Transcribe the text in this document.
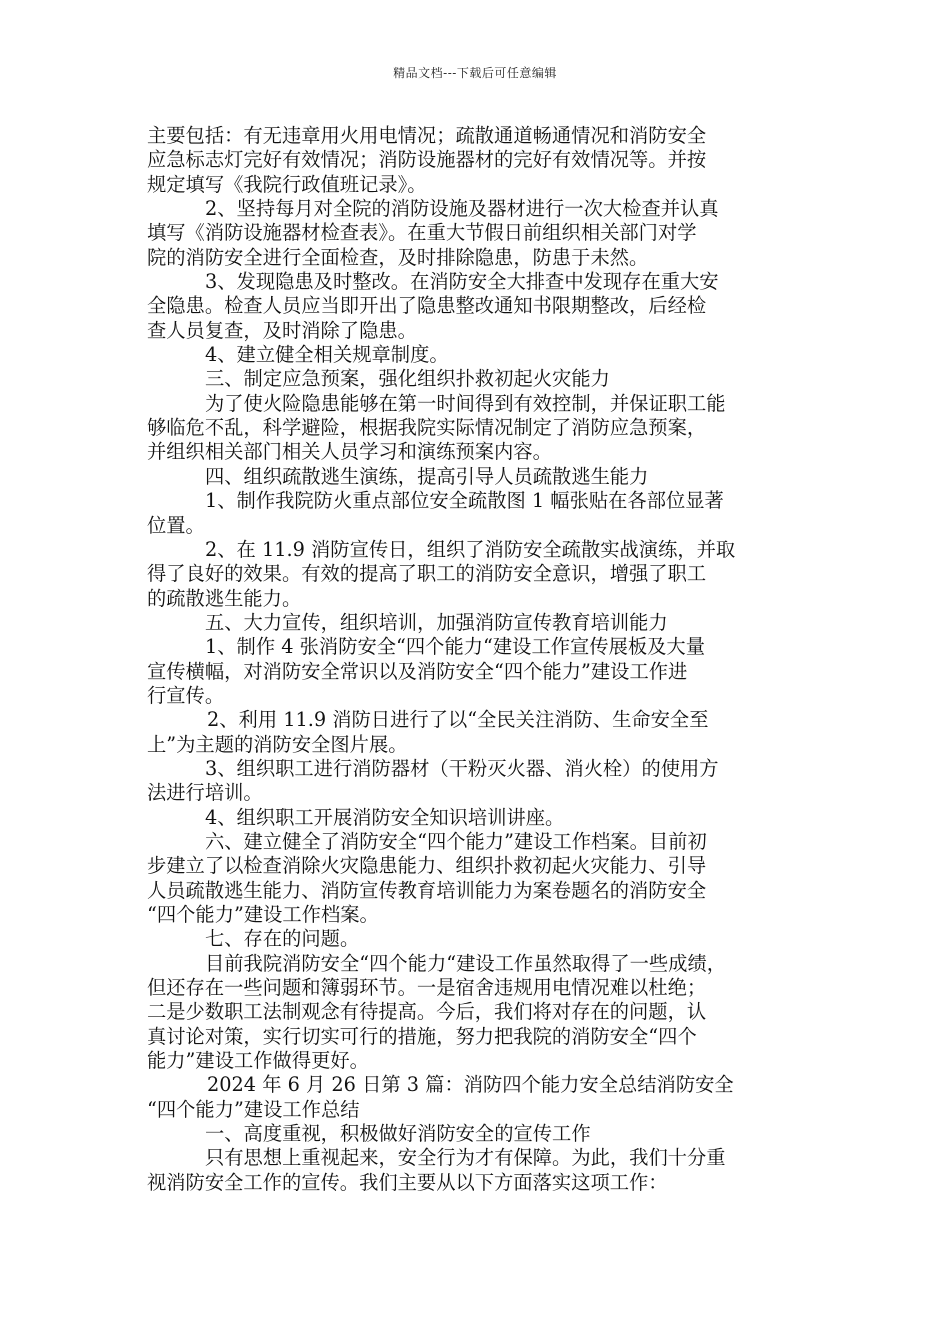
精品文档---下载后可任意编辑
主要包括：有无违章用火用电情况；疏散通道畅通情况和消防安全
应急标志灯完好有效情况；消防设施器材的完好有效情况等。并按
规定填写《我院行政值班记录》。
2、坚持每月对全院的消防设施及器材进行一次大检查并认真
填写《消防设施器材检查表》。在重大节假日前组织相关部门对学
院的消防安全进行全面检查，及时排除隐患，防患于未然。
3、发现隐患及时整改。在消防安全大排查中发现存在重大安
全隐患。检查人员应当即开出了隐患整改通知书限期整改，后经检
查人员复查，及时消除了隐患。
4、建立健全相关规章制度。
三、制定应急预案，强化组织扑救初起火灾能力
为了使火险隐患能够在第一时间得到有效控制，并保证职工能
够临危不乱，科学避险，根据我院实际情况制定了消防应急预案，
并组织相关部门相关人员学习和演练预案内容。
四、组织疏散逃生演练，提高引导人员疏散逃生能力
1、制作我院防火重点部位安全疏散图 1 幅张贴在各部位显著
位置。
2、在 11.9 消防宣传日，组织了消防安全疏散实战演练，并取
得了良好的效果。有效的提高了职工的消防安全意识，增强了职工
的疏散逃生能力。
五、大力宣传，组织培训，加强消防宣传教育培训能力
1、制作 4 张消防安全“四个能力“建设工作宣传展板及大量
宣传横幅，对消防安全常识以及消防安全“四个能力”建设工作进
行宣传。
2、利用 11.9 消防日进行了以“全民关注消防、生命安全至
上”为主题的消防安全图片展。
3、组织职工进行消防器材（干粉灭火器、消火栓）的使用方
法进行培训。
4、组织职工开展消防安全知识培训讲座。
六、建立健全了消防安全“四个能力”建设工作档案。目前初
步建立了以检查消除火灾隐患能力、组织扑救初起火灾能力、引导
人员疏散逃生能力、消防宣传教育培训能力为案卷题名的消防安全
“四个能力”建设工作档案。
七、存在的问题。
目前我院消防安全“四个能力“建设工作虽然取得了一些成绩，
但还存在一些问题和簿弱环节。一是宿舍违规用电情况难以杜绝；
二是少数职工法制观念有待提高。今后，我们将对存在的问题，认
真讨论对策，实行切实可行的措施，努力把我院的消防安全“四个
能力”建设工作做得更好。
2024 年 6 月 26 日第 3 篇：消防四个能力安全总结消防安全
“四个能力”建设工作总结
一、高度重视，积极做好消防安全的宣传工作
只有思想上重视起来，安全行为才有保障。为此，我们十分重
视消防安全工作的宣传。我们主要从以下方面落实这项工作：
